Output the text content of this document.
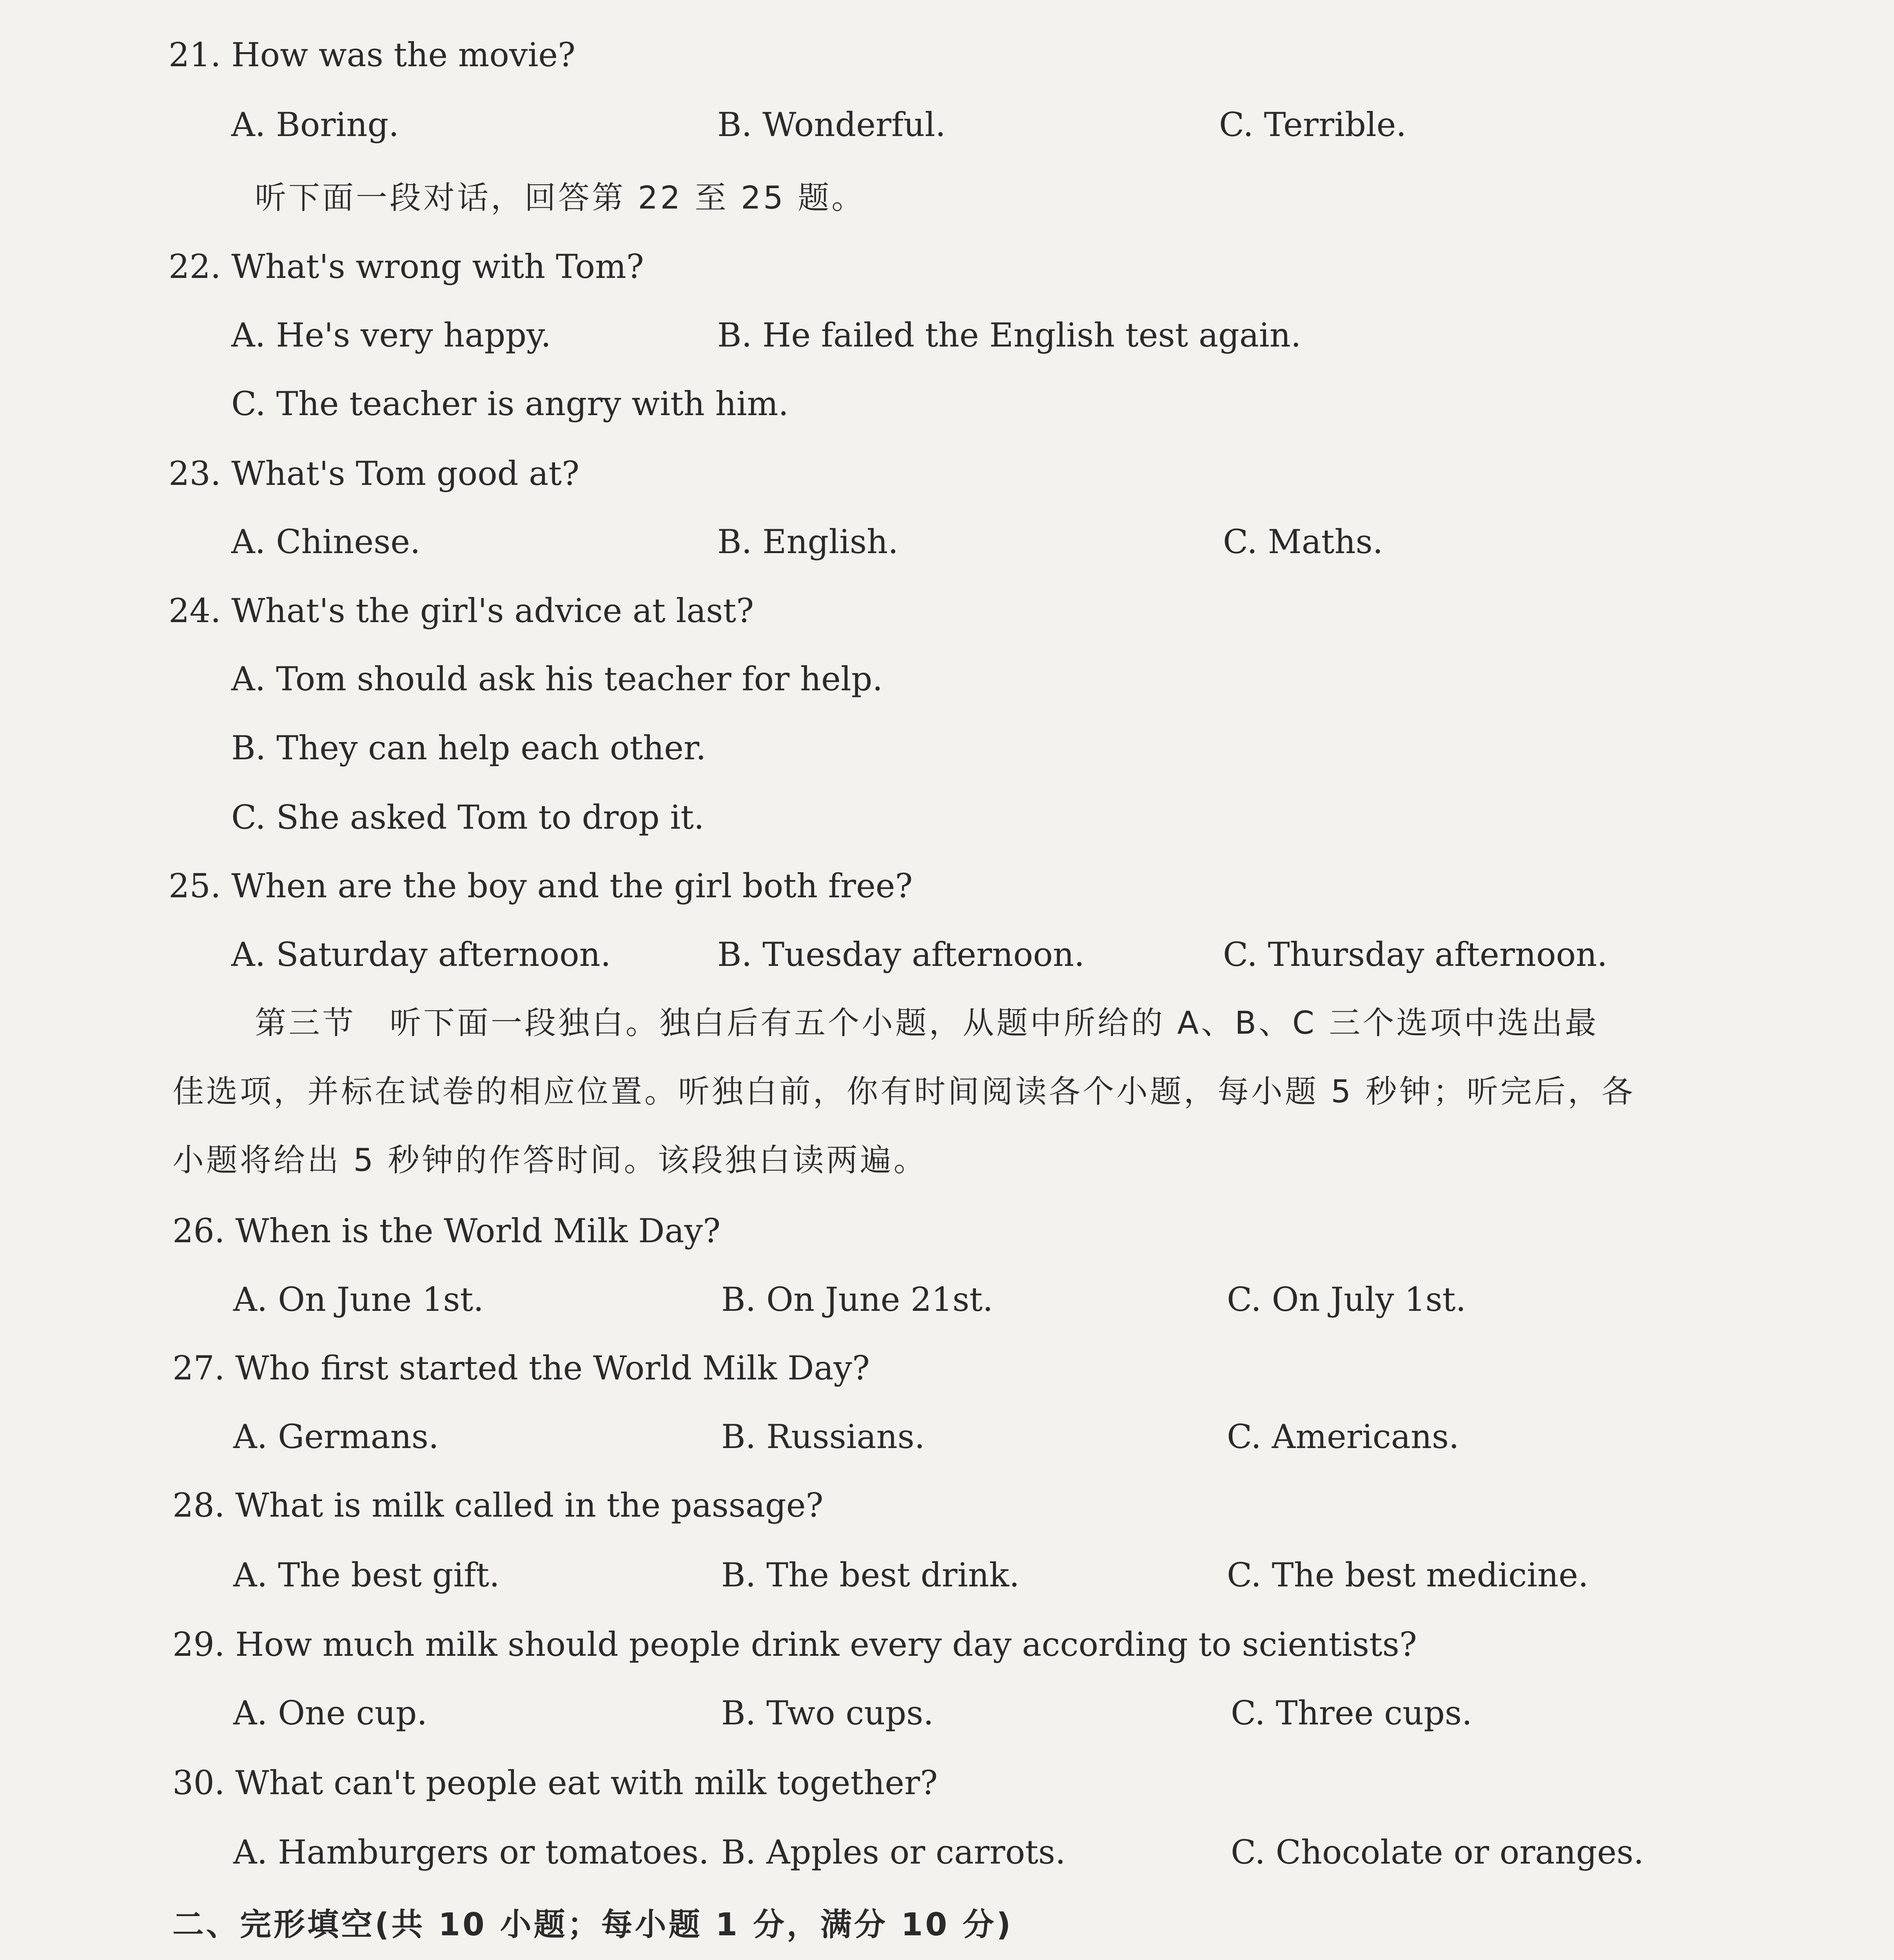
21. How was the movie?
A. Boring.	B. Wonderful.	C. Terrible.
听下面一段对话，回答第 22 至 25 题。
22. What's wrong with Tom?
A. He's very happy.	B. He failed the English test again.
C. The teacher is angry with him.
23. What's Tom good at?
A. Chinese.	B. English.	C. Maths.
24. What's the girl's advice at last?
A. Tom should ask his teacher for help.
B. They can help each other.
C. She asked Tom to drop it.
25. When are the boy and the girl both free?
A. Saturday afternoon.	B. Tuesday afternoon.	C. Thursday afternoon.
第三节　听下面一段独白。独白后有五个小题，从题中所给的 A、B、C 三个选项中选出最
佳选项，并标在试卷的相应位置。听独白前，你有时间阅读各个小题，每小题 5 秒钟；听完后，各
小题将给出 5 秒钟的作答时间。该段独白读两遍。
26. When is the World Milk Day?
A. On June 1st.	B. On June 21st.	C. On July 1st.
27. Who first started the World Milk Day?
A. Germans.	B. Russians.	C. Americans.
28. What is milk called in the passage?
A. The best gift.	B. The best drink.	C. The best medicine.
29. How much milk should people drink every day according to scientists?
A. One cup.	B. Two cups.	C. Three cups.
30. What can't people eat with milk together?
A. Hamburgers or tomatoes. B. Apples or carrots.	C. Chocolate or oranges.
二、完形填空(共 10 小题；每小题 1 分，满分 10 分)
